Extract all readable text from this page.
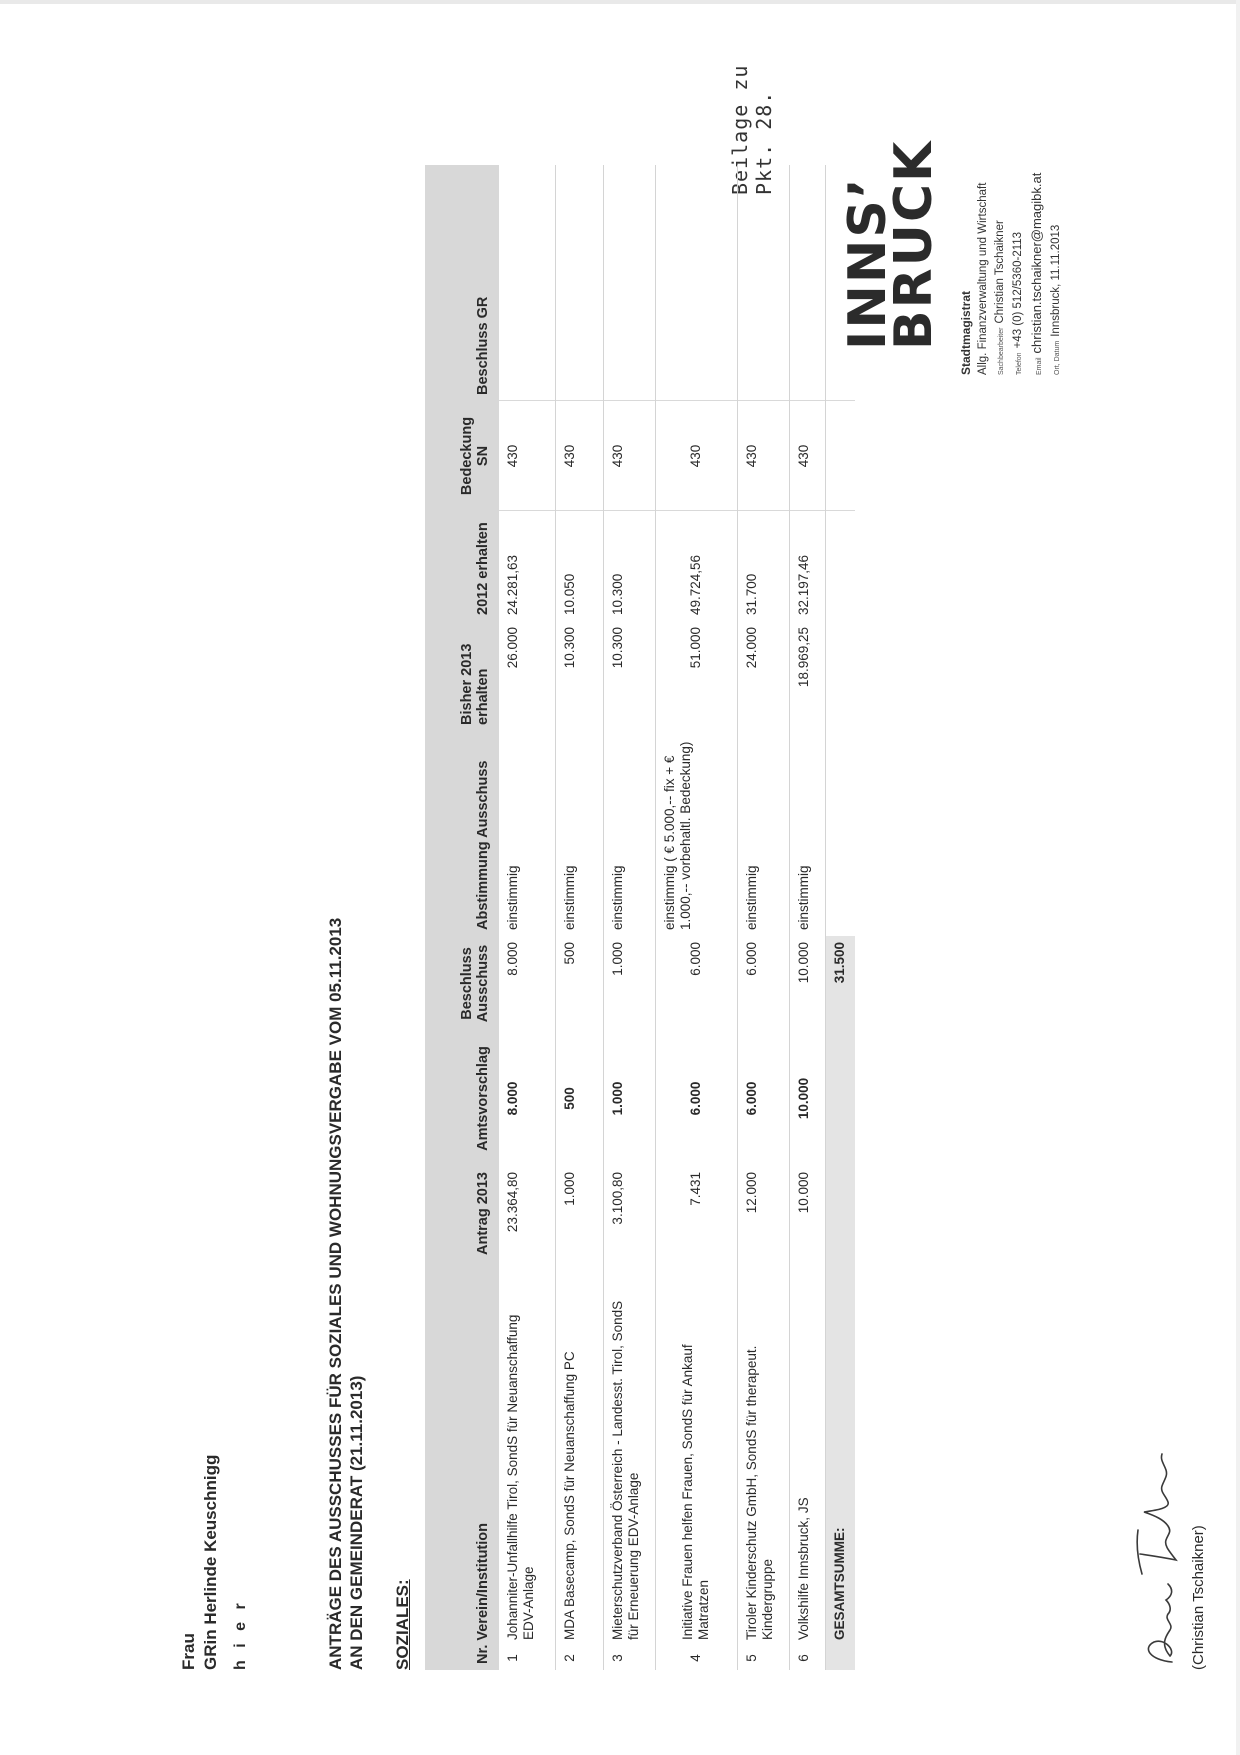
Frau GRin Herlinde Keuschnigg h i e r	ANTRÄGE DES AUSSCHUSSES FÜR SOZIALES UND WOHNUNGSVERGABE VOM 05.11.2013 AN DEN GEMEINDERAT (21.11.2013) SOZIALES:
Beilage zu Pkt. 28.
INNS’
BRUCK Stadtmagistrat Allg. Finanzverwaltung und Wirtschaft	SachbearbeiterChristian Tschaikner
Telefon+43 (0) 512/5360-2113
Emailchristian.tschaikner@magibk.at
Ort, DatumInnsbruck, 11.11.2013
Nr. Verein/Institution		Antrag 2013	Amtsvorschlag	Beschluss Ausschuss	Abstimmung Ausschuss	Bisher 2013 erhalten	2012 erhalten	Bedeckung SN	Beschluss GR
1	Johanniter-Unfallhilfe Tirol, SondS für Neuanschaffung EDV-Anlage	23.364,80	8.000	8.000	einstimmig	26.000	24.281,63	430	
2	MDA Basecamp, SondS für Neuanschaffung PC	1.000	500	500	einstimmig	10.300	10.050	430	
3	Mieterschutzverband Österreich - Landesst. Tirol, SondS für Erneuerung EDV-Anlage	3.100,80	1.000	1.000	einstimmig	10.300	10.300	430	
4	Initiative Frauen helfen Frauen, SondS für Ankauf Matratzen	7.431	6.000	6.000	einstimmig ( € 5.000,-- fix + € 1.000,-- vorbehaltl. Bedeckung)	51.000	49.724,56	430	
5	Tiroler Kinderschutz GmbH, SondS für therapeut. Kindergruppe	12.000	6.000	6.000	einstimmig	24.000	31.700	430	
6	Volkshilfe Innsbruck, JS	10.000	10.000	10.000	einstimmig	18.969,25	32.197,46	430	
	GESAMTSUMME:			31.500					
(Christian Tschaikner)
